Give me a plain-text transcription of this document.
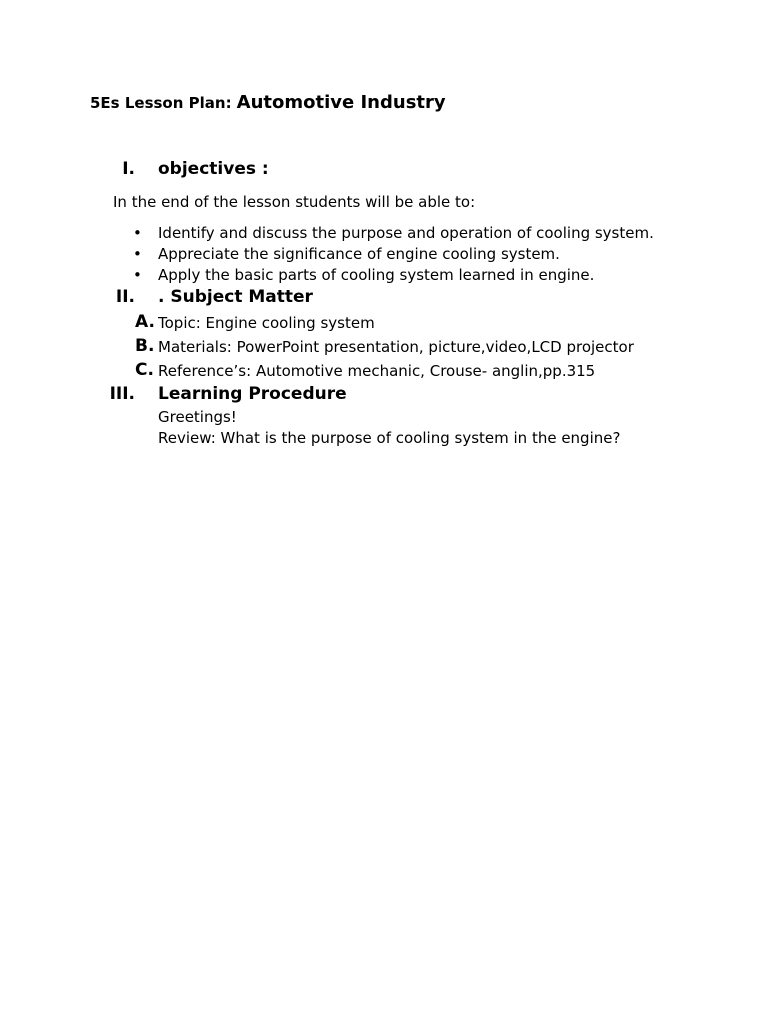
5Es Lesson Plan: Automotive Industry
I. objectives :
In the end of the lesson students will be able to:
• Identify and discuss the purpose and operation of cooling system.
• Appreciate the significance of engine cooling system.
• Apply the basic parts of cooling system learned in engine.
II. . Subject Matter
A. Topic: Engine cooling system
B. Materials: PowerPoint presentation, picture,video,LCD projector
C. Reference’s: Automotive mechanic, Crouse- anglin,pp.315
III. Learning Procedure
Greetings!
Review: What is the purpose of cooling system in the engine?
